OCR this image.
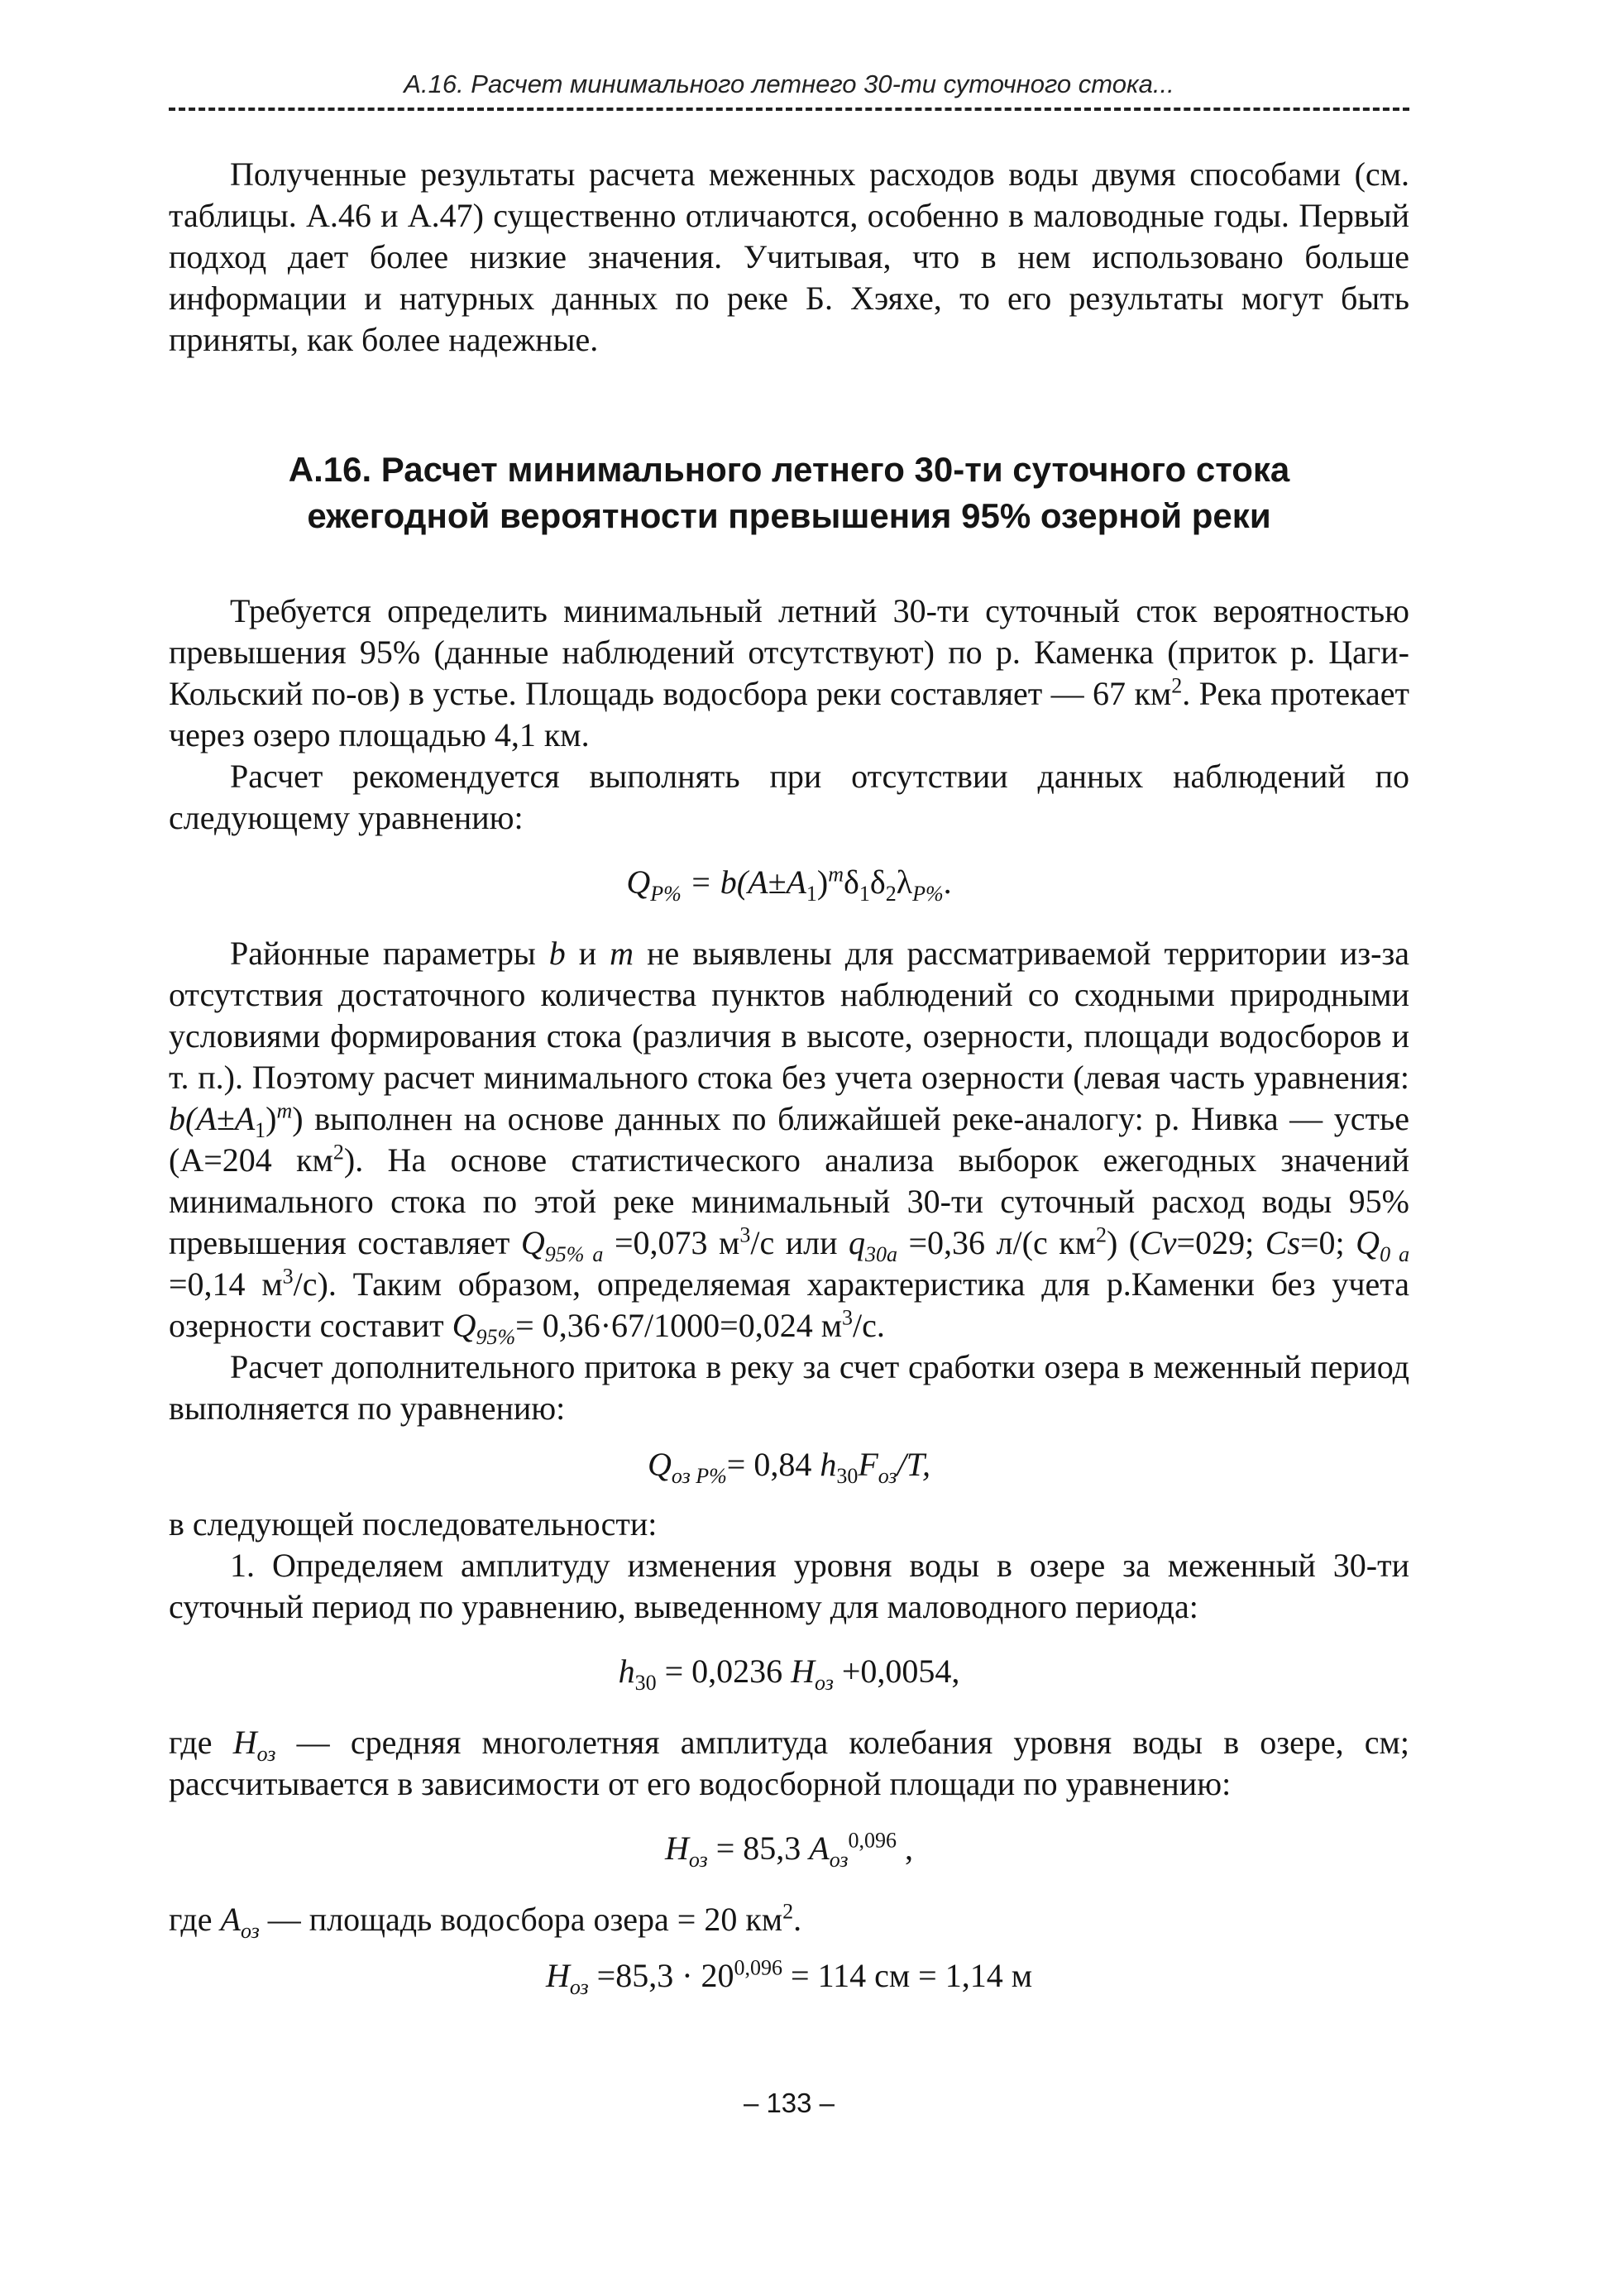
А.16. Расчет минимального летнего 30-ти суточного стока...

Полученные результаты расчета меженных расходов воды двумя способами (см. таблицы. А.46 и А.47) существенно отличаются, особенно в маловодные годы. Первый подход дает более низкие значения. Учитывая, что в нем использовано больше информации и натурных данных по реке Б. Хэяхе, то его результаты могут быть приняты, как более надежные.

А.16. Расчет минимального летнего 30-ти суточного стока
ежегодной вероятности превышения 95% озерной реки

Требуется определить минимальный летний 30-ти суточный сток вероятностью превышения 95% (данные наблюдений отсутствуют) по р. Каменка (приток р. Цаги-Кольский по-ов) в устье. Площадь водосбора реки составляет — 67 $км^2$. Река протекает через озеро площадью 4,1 км.

Расчет рекомендуется выполнять при отсутствии данных наблюдений по следующему уравнению:

$Q_{P\%} = b(A\pm A_1)^m\delta_1\delta_2\lambda_{P\%}$.

Районные параметры b и m не выявлены для рассматриваемой территории из-за отсутствия достаточного количества пунктов наблюдений со сходными природными условиями формирования стока (различия в высоте, озерности, площади водосборов и т. п.). Поэтому расчет минимального стока без учета озерности (левая часть уравнения: $b(A\pm A_1)^m$) выполнен на основе данных по ближайшей реке-аналогу: р. Нивка — устье (А=204 $км^2$). На основе статистического анализа выборок ежегодных значений минимального стока по этой реке минимальный 30-ти суточный расход воды 95% превышения составляет $Q_{95\% a} =0,073$ $м^3/с$ или $q_{30a} =0,36$ л/(с $км^2$) (Cv=029; Cs=0; $Q_{0 a} =0,14$ $м^3/с$). Таким образом, определяемая характеристика для р.Каменки без учета озерности составит $Q_{95\%}= 0,36\cdot 67/1000=0,024$ $м^3/с$.

Расчет дополнительного притока в реку за счет сработки озера в меженный период выполняется по уравнению:

$Q_{оз P\%}= 0,84$ $h_{30}F_{оз}/T$,

в следующей последовательности:

1. Определяем амплитуду изменения уровня воды в озере за меженный 30-ти суточный период по уравнению, выведенному для маловодного периода:

$h_{30} = 0,0236$ $H_{оз} +0,0054$,

где $H_{оз}$ — средняя многолетняя амплитуда колебания уровня воды в озере, см; рассчитывается в зависимости от его водосборной площади по уравнению:

$H_{оз} = 85,3$ $A_{оз}^{0,096}$ ,

где $A_{оз}$ — площадь водосбора озера = 20 $км^2$.

$H_{оз} =85,3 \cdot 20^{0,096} = 114$ см = 1,14 м
– 133 –
